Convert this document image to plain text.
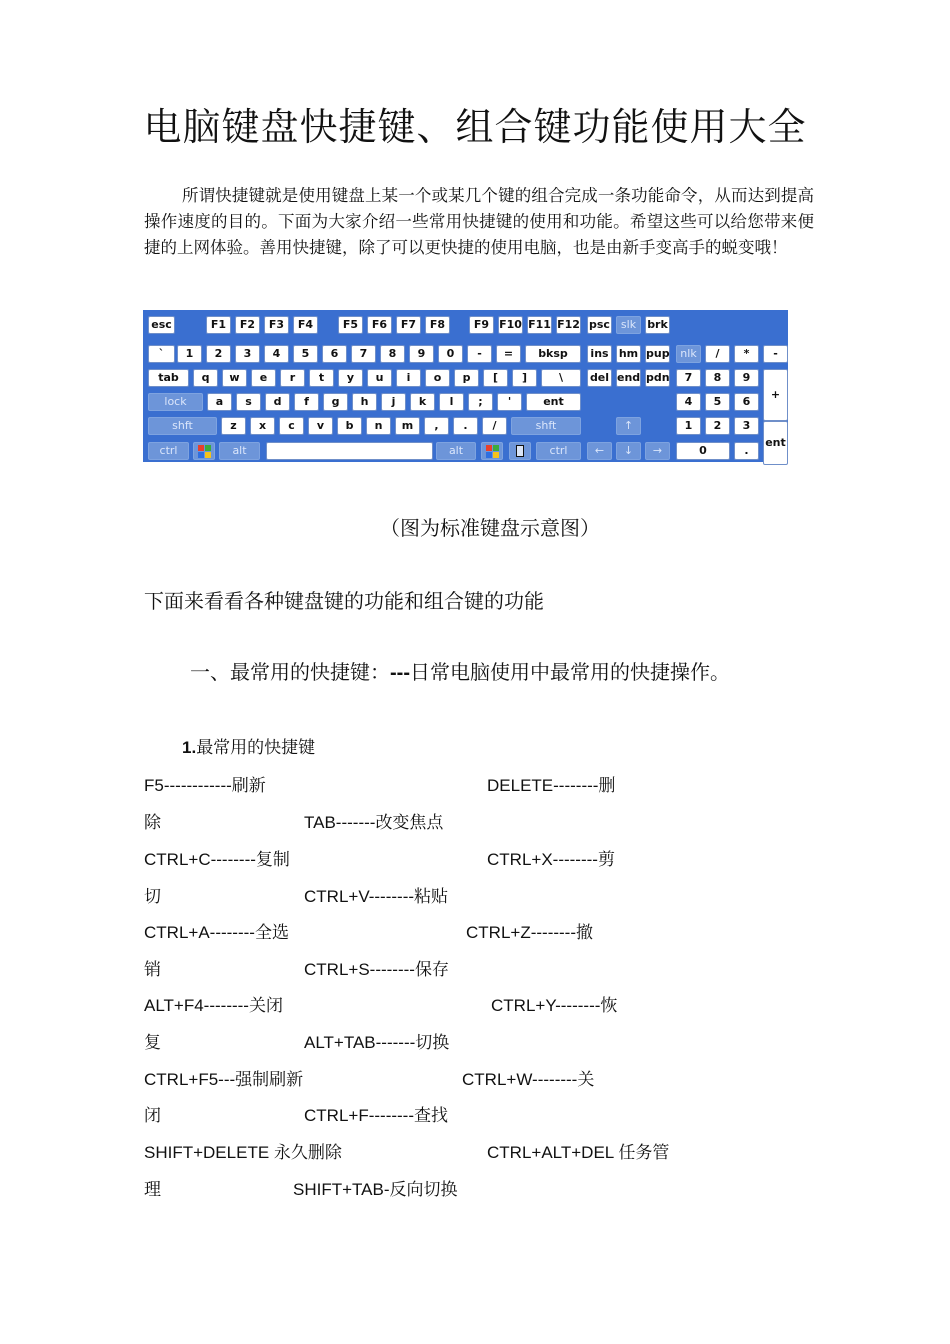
电脑键盘快捷键、组合键功能使用大全
所谓快捷键就是使用键盘上某一个或某几个键的组合完成一条功能命令，从而达到提高操作速度的目的。下面为大家介绍一些常用快捷键的使用和功能。希望这些可以给您带来便捷的上网体验。善用快捷键，除了可以更快捷的使用电脑，也是由新手变高手的蜕变哦！
esc	F1	F2	F3	F4	F5	F6	F7	F8	F9 F10 F11 F12 psc slk	brk
`	1	2	3	4	5	6	7	8	9	0	-	=	bksp	ins hm pup nlk	/	*	-
tab	q	w	e	r	t	y	u	i	o	p	[	]	\	del end pdn	7	8	9
+
lock	a	s	d	f	g	h	j	k	l	;	'	ent	4	5	6
shft	z	x	c	v	b	n	m	,	.	/	shft	↑	1	2	3
ent
ctrl	alt	alt	ctrl	←	↓	→	0	.
（图为标准键盘示意图）
下面来看看各种键盘键的功能和组合键的功能
一、最常用的快捷键：---日常电脑使用中最常用的快捷操作。
1.最常用的快捷键
F5------------刷新	DELETE--------删
除	TAB-------改变焦点
CTRL+C--------复制	CTRL+X--------剪
切	CTRL+V--------粘贴
CTRL+A--------全选	CTRL+Z--------撤
销	CTRL+S--------保存
ALT+F4--------关闭	CTRL+Y--------恢
复	ALT+TAB-------切换
CTRL+F5---强制刷新	CTRL+W--------关
闭	CTRL+F--------查找
SHIFT+DELETE 永久删除	CTRL+ALT+DEL 任务管
理	SHIFT+TAB-反向切换
